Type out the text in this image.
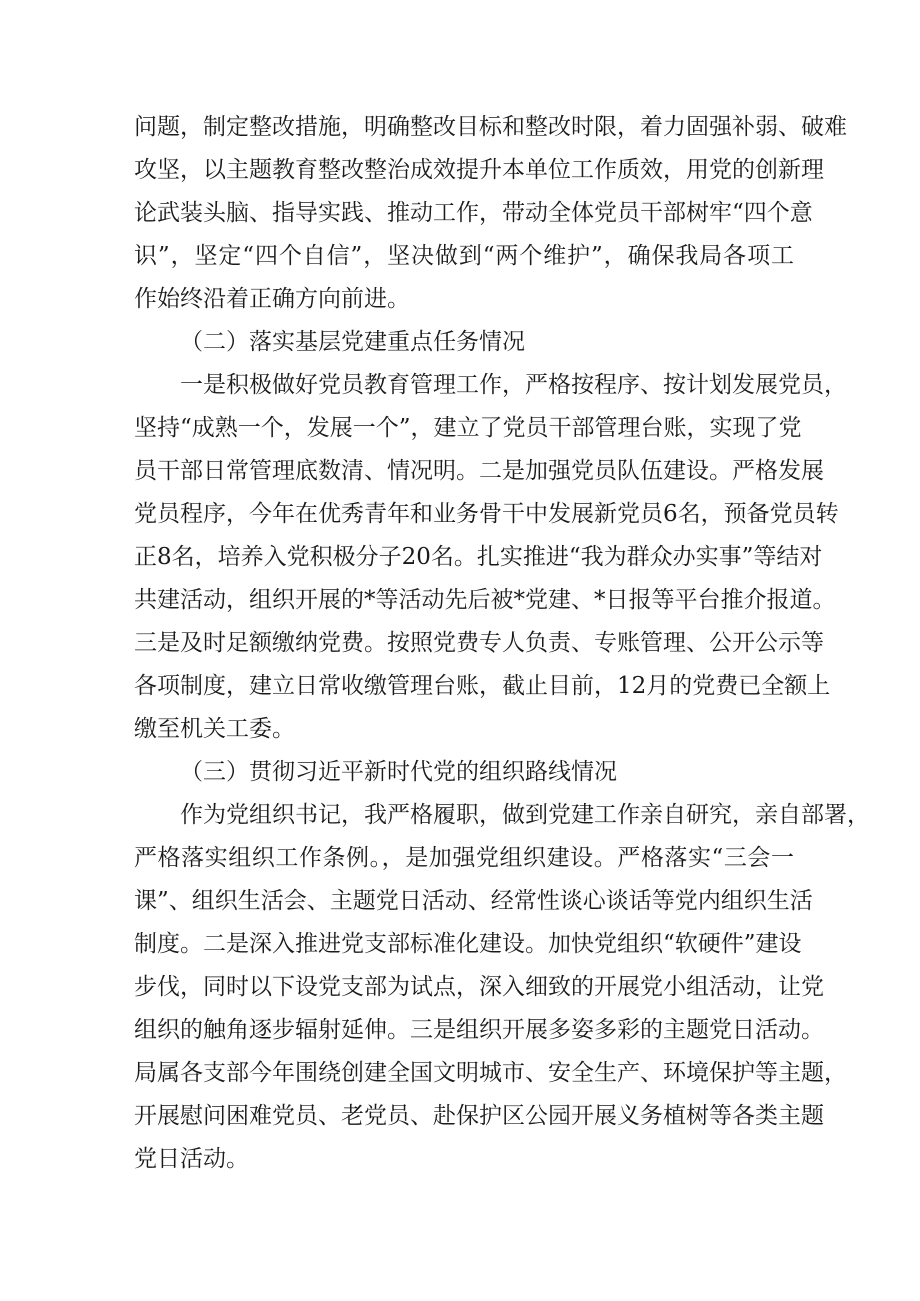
问题，制定整改措施，明确整改目标和整改时限，着力固强补弱、破难
攻坚，以主题教育整改整治成效提升本单位工作质效，用党的创新理
论武装头脑、指导实践、推动工作，带动全体党员干部树牢“四个意
识”，坚定“四个自信”，坚决做到“两个维护”，确保我局各项工
作始终沿着正确方向前进。
（二）落实基层党建重点任务情况
一是积极做好党员教育管理工作，严格按程序、按计划发展党员，
坚持“成熟一个，发展一个”，建立了党员干部管理台账，实现了党
员干部日常管理底数清、情况明。二是加强党员队伍建设。严格发展
党员程序，今年在优秀青年和业务骨干中发展新党员6名，预备党员转
正8名，培养入党积极分子20名。扎实推进“我为群众办实事”等结对
共建活动，组织开展的*等活动先后被*党建、*日报等平台推介报道。
三是及时足额缴纳党费。按照党费专人负责、专账管理、公开公示等
各项制度，建立日常收缴管理台账，截止目前，12月的党费已全额上
缴至机关工委。
（三）贯彻习近平新时代党的组织路线情况
作为党组织书记，我严格履职，做到党建工作亲自研究，亲自部署，
严格落实组织工作条例。，是加强党组织建设。严格落实“三会一
课”、组织生活会、主题党日活动、经常性谈心谈话等党内组织生活
制度。二是深入推进党支部标准化建设。加快党组织“软硬件”建设
步伐，同时以下设党支部为试点，深入细致的开展党小组活动，让党
组织的触角逐步辐射延伸。三是组织开展多姿多彩的主题党日活动。
局属各支部今年围绕创建全国文明城市、安全生产、环境保护等主题，
开展慰问困难党员、老党员、赴保护区公园开展义务植树等各类主题
党日活动。
